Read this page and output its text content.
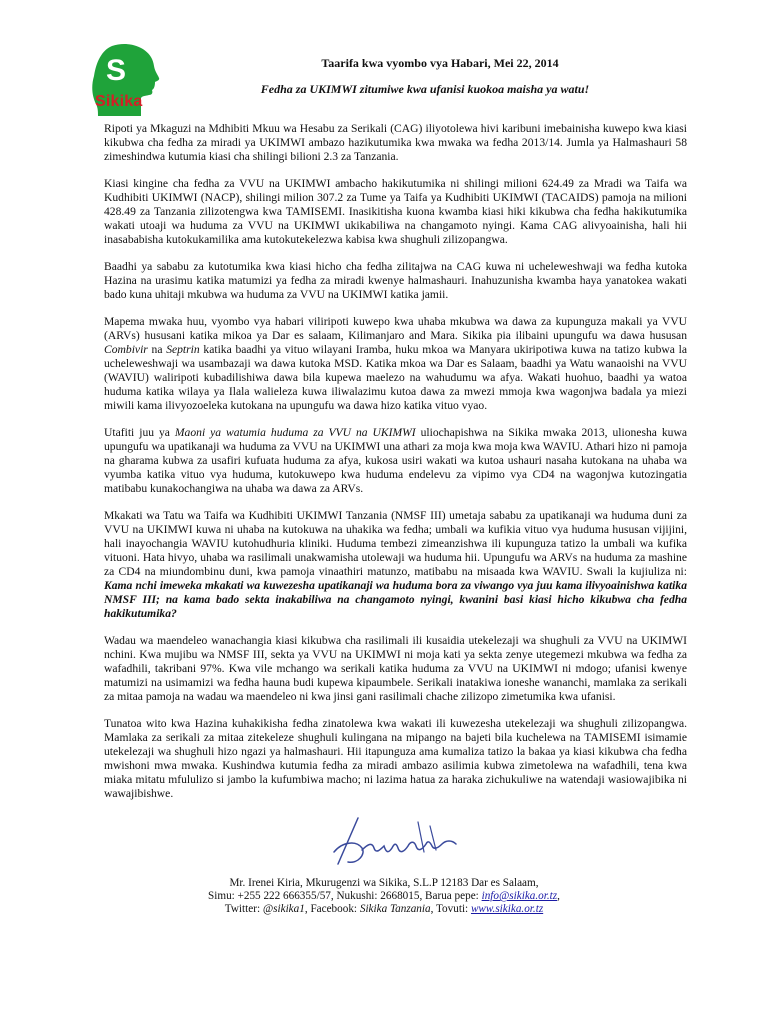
S
Sikika
Taarifa kwa vyombo vya Habari, Mei 22, 2014
Fedha za UKIMWI zitumiwe kwa ufanisi kuokoa maisha ya watu!

Ripoti ya Mkaguzi na Mdhibiti Mkuu wa Hesabu za Serikali (CAG) iliyotolewa hivi karibuni imebainisha kuwepo kwa kiasi kikubwa cha fedha za miradi ya UKIMWI ambazo hazikutumika kwa mwaka wa fedha 2013/14. Jumla ya Halmashauri 58 zimeshindwa kutumia kiasi cha shilingi bilioni 2.3 za Tanzania.

Kiasi kingine cha fedha za VVU na UKIMWI ambacho hakikutumika ni shilingi milioni 624.49 za Mradi wa Taifa wa Kudhibiti UKIMWI (NACP), shilingi milion 307.2 za Tume ya Taifa ya Kudhibiti UKIMWI (TACAIDS) pamoja na milioni 428.49 za Tanzania zilizotengwa kwa TAMISEMI. Inasikitisha kuona kwamba kiasi hiki kikubwa cha fedha hakikutumika wakati utoaji wa huduma za VVU na UKIMWI ukikabiliwa na changamoto nyingi. Kama CAG alivyoainisha, hali hii inasababisha kutokukamilika ama kutokutekelezwa kabisa kwa shughuli zilizopangwa.

Baadhi ya sababu za kutotumika kwa kiasi hicho cha fedha zilitajwa na CAG kuwa ni ucheleweshwaji wa fedha kutoka Hazina na urasimu katika matumizi ya fedha za miradi kwenye halmashauri. Inahuzunisha kwamba haya yanatokea wakati bado kuna uhitaji mkubwa wa huduma za VVU na UKIMWI katika jamii.

Mapema mwaka huu, vyombo vya habari viliripoti kuwepo kwa uhaba mkubwa wa dawa za kupunguza makali ya VVU (ARVs) hususani katika mikoa ya Dar es salaam, Kilimanjaro and Mara. Sikika pia ilibaini upungufu wa dawa hususan Combivir na Septrin katika baadhi ya vituo wilayani Iramba, huku mkoa wa Manyara ukiripotiwa kuwa na tatizo kubwa la ucheleweshwaji wa usambazaji wa dawa kutoka MSD. Katika mkoa wa Dar es Salaam, baadhi ya Watu wanaoishi na VVU (WAVIU) waliripoti kubadilishiwa dawa bila kupewa maelezo na wahudumu wa afya. Wakati huohuo, baadhi ya watoa huduma katika wilaya ya Ilala walieleza kuwa iliwalazimu kutoa dawa za mwezi mmoja kwa wagonjwa badala ya miezi miwili kama ilivyozoeleka kutokana na upungufu wa dawa hizo katika vituo vyao.

Utafiti juu ya Maoni ya watumia huduma za VVU na UKIMWI uliochapishwa na Sikika mwaka 2013, ulionesha kuwa upungufu wa upatikanaji wa huduma za VVU na UKIMWI una athari za moja kwa moja kwa WAVIU. Athari hizo ni pamoja na gharama kubwa za usafiri kufuata huduma za afya, kukosa usiri wakati wa kutoa ushauri nasaha kutokana na uhaba wa vyumba katika vituo vya huduma, kutokuwepo kwa huduma endelevu za vipimo vya CD4 na wagonjwa kutozingatia matibabu kunakochangiwa na uhaba wa dawa za ARVs.

Mkakati wa Tatu wa Taifa wa Kudhibiti UKIMWI Tanzania (NMSF III) umetaja sababu za upatikanaji wa huduma duni za VVU na UKIMWI kuwa ni uhaba na kutokuwa na uhakika wa fedha; umbali wa kufikia vituo vya huduma hususan vijijini, hali inayochangia WAVIU kutohudhuria kliniki. Huduma tembezi zimeanzishwa ili kupunguza tatizo la umbali wa kufika vituoni. Hata hivyo, uhaba wa rasilimali unakwamisha utolewaji wa huduma hii. Upungufu wa ARVs na huduma za mashine za CD4 na miundombinu duni, kwa pamoja vinaathiri matunzo, matibabu na misaada kwa WAVIU. Swali la kujiuliza ni: Kama nchi imeweka mkakati wa kuwezesha upatikanaji wa huduma bora za viwango vya juu kama ilivyoainishwa katika NMSF III; na kama bado sekta inakabiliwa na changamoto nyingi, kwanini basi kiasi hicho kikubwa cha fedha hakikutumika?

Wadau wa maendeleo wanachangia kiasi kikubwa cha rasilimali ili kusaidia utekelezaji wa shughuli za VVU na UKIMWI nchini. Kwa mujibu wa NMSF III, sekta ya VVU na UKIMWI ni moja kati ya sekta zenye utegemezi mkubwa wa fedha za wafadhili, takribani 97%. Kwa vile mchango wa serikali katika huduma za VVU na UKIMWI ni mdogo; ufanisi kwenye matumizi na usimamizi wa fedha hauna budi kupewa kipaumbele. Serikali inatakiwa ioneshe wananchi, mamlaka za serikali za mitaa pamoja na wadau wa maendeleo ni kwa jinsi gani rasilimali chache zilizopo zimetumika kwa ufanisi.

Tunatoa wito kwa Hazina kuhakikisha fedha zinatolewa kwa wakati ili kuwezesha utekelezaji wa shughuli zilizopangwa. Mamlaka za serikali za mitaa zitekeleze shughuli kulingana na mipango na bajeti bila kuchelewa na TAMISEMI isimamie utekelezaji wa shughuli hizo ngazi ya halmashauri. Hii itapunguza ama kumaliza tatizo la bakaa ya kiasi kikubwa cha fedha mwishoni mwa mwaka. Kushindwa kutumia fedha za miradi ambazo asilimia kubwa zimetolewa na wafadhili, tena kwa miaka mitatu mfululizo si jambo la kufumbiwa macho; ni lazima hatua za haraka zichukuliwe na watendaji wasiowajibika ni wawajibishwe.

Mr. Irenei Kiria, Mkurugenzi wa Sikika, S.L.P 12183 Dar es Salaam,
Simu: +255 222 666355/57, Nukushi: 2668015, Barua pepe: info@sikika.or.tz,
Twitter: @sikika1, Facebook: Sikika Tanzania, Tovuti: www.sikika.or.tz
